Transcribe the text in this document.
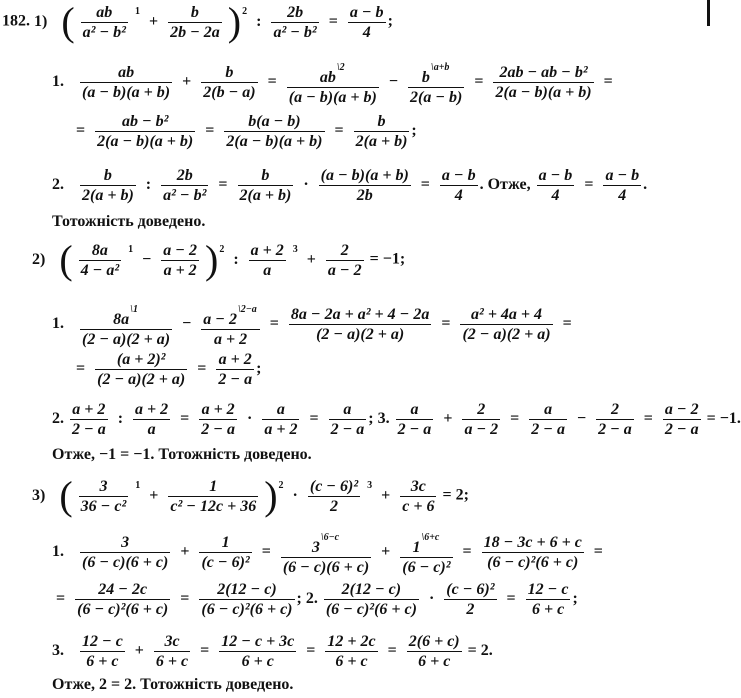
182. 1) ( $\frac{ab}{\text{a² − b²}} ^1 + \frac{b}{2b - 2a} )^2$ : $\frac{2b}{\text{a² − b²}} = \frac{a - b}{4}$ ;
1. $\frac{ab}{(a - b)(a + b)} + \frac{b}{2(b - a)} = \frac{ab^{\backslash 2}}{(a - b)(a + b)} - \frac{b^{\backslash a+b}}{2(a - b)} = \frac{\text{2ab − ab − b²}}{2(a - b)(a + b)}$ =
= $\frac{\text{ab − b²}}{2(a - b)(a + b)} = \frac{b(a - b)}{2(a - b)(a + b)} = \frac{b}{2(a + b)}$ ;
2. $\frac{b}{2(a + b)}$ : $\frac{2b}{\text{a² − b²}} = \frac{b}{2(a + b)} \cdot \frac{(a - b)(a + b)}{2b} = \frac{a - b}{4}$ . Отже, $\frac{a - b}{4} = \frac{a - b}{4}$ .
Тотожність доведено.
2) ( $\frac{8a}{\text{4 − a²}} ^1 - \frac{a - 2}{a + 2} )^2$ : $\frac{a + 2}{a} ^3 + \frac{2}{a - 2} = -1$;
1. $\frac{8a^{\backslash 1}}{(2 - a)(2 + a)} - \frac{a - 2^{\backslash 2-a}}{a + 2} = \frac{\text{8a − 2a + a² + 4 − 2a}}{(2 - a)(2 + a)} = \frac{\text{a² + 4a + 4}}{(2 - a)(2 + a)}$ =
= $\frac{\text{(a + 2)²}}{(2 - a)(2 + a)} = \frac{a + 2}{2 - a}$ ;
2. $\frac{a + 2}{2 - a}$ : $\frac{a + 2}{a} = \frac{a + 2}{2 - a} \cdot \frac{a}{a + 2} = \frac{a}{2 - a}$ ; 3. $\frac{a}{2 - a} + \frac{2}{a - 2} = \frac{a}{2 - a} - \frac{2}{2 - a} = \frac{a - 2}{2 - a} = -1$.
Отже, −1 = −1. Тотожність доведено.
3) ( $\frac{3}{\text{36 − c²}} ^1 + \frac{1}{\text{c² − 12c + 36}} )^2 \cdot \frac{\text{(c − 6)²}}{2} ^3 + \frac{3c}{c + 6} = 2$;
1. $\frac{3}{(6 - c)(6 + c)} + \frac{1}{\text{(c − 6)²}} = \frac{3^{\backslash 6-c}}{(6 - c)(6 + c)} + \frac{1^{\backslash 6+c}}{\text{(6 − c)²}} = \frac{18 - 3c + 6 + c}{\text{(6 − c)²(6 + c)}}$ =
= $\frac{24 - 2c}{\text{(6 − c)²(6 + c)}} = \frac{2(12 - c)}{\text{(6 − c)²(6 + c)}}$ ; 2. $\frac{2(12 - c)}{\text{(6 − c)²(6 + c)}} \cdot \frac{\text{(c − 6)²}}{2} = \frac{12 - c}{6 + c}$ ;
3. $\frac{12 - c}{6 + c} + \frac{3c}{6 + c} = \frac{12 - c + 3c}{6 + c} = \frac{12 + 2c}{6 + c} = \frac{2(6 + c)}{6 + c} = 2$.
Отже, 2 = 2. Тотожність доведено.
